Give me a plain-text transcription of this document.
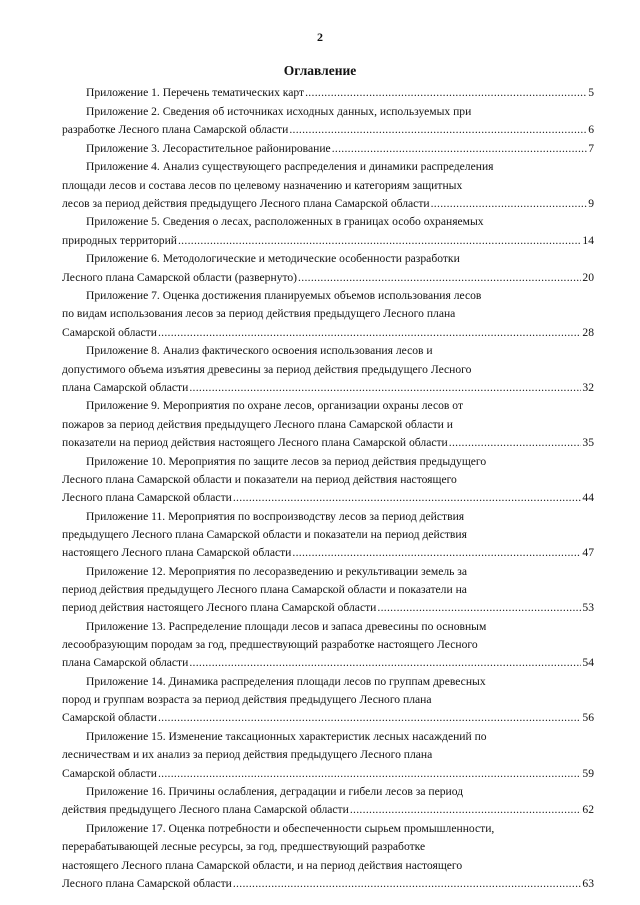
2
Оглавление
Приложение 1. Перечень тематических карт .....	5
Приложение 2. Сведения об источниках исходных данных, используемых при
разработке Лесного плана Самарской области .....	6
Приложение 3. Лесорастительное районирование .....	7
Приложение 4. Анализ существующего распределения и динамики распределения
площади лесов и состава лесов по целевому назначению и категориям защитных
лесов за период действия предыдущего Лесного плана Самарской области .....	9
Приложение 5. Сведения о лесах, расположенных в границах особо охраняемых
природных территорий .....	14
Приложение 6. Методологические и методические особенности разработки
Лесного плана Самарской области (развернуто) .....	20
Приложение 7. Оценка достижения планируемых объемов использования лесов
по видам использования лесов за период действия предыдущего Лесного плана
Самарской области .....	28
Приложение 8. Анализ фактического освоения использования лесов и
допустимого объема изъятия древесины за период действия предыдущего Лесного
плана Самарской области .....	32
Приложение 9. Мероприятия по охране лесов, организации охраны лесов от
пожаров за период действия предыдущего Лесного плана Самарской области и
показатели на период действия настоящего Лесного плана Самарской области .....	35
Приложение 10. Мероприятия по защите лесов за период действия предыдущего
Лесного плана Самарской области и показатели на период действия настоящего
Лесного плана Самарской области .....	44
Приложение 11. Мероприятия по воспроизводству лесов за период действия
предыдущего Лесного плана Самарской области и показатели на период действия
настоящего Лесного плана Самарской области .....	47
Приложение 12. Мероприятия по лесоразведению и рекультивации земель за
период действия предыдущего Лесного плана Самарской области и показатели на
период действия настоящего Лесного плана Самарской области .....	53
Приложение 13. Распределение площади лесов и запаса древесины по основным
лесообразующим породам за год, предшествующий разработке настоящего Лесного
плана Самарской области .....	54
Приложение 14. Динамика распределения площади лесов по группам древесных
пород и группам возраста за период действия предыдущего Лесного плана
Самарской области .....	56
Приложение 15. Изменение таксационных характеристик лесных насаждений по
лесничествам и их анализ за период действия предыдущего Лесного плана
Самарской области .....	59
Приложение 16. Причины ослабления, деградации и гибели лесов за период
действия предыдущего Лесного плана Самарской области .....	62
Приложение 17. Оценка потребности и обеспеченности сырьем промышленности,
перерабатывающей лесные ресурсы, за год, предшествующий разработке
настоящего Лесного плана Самарской области, и на период действия настоящего
Лесного плана Самарской области .....	63
